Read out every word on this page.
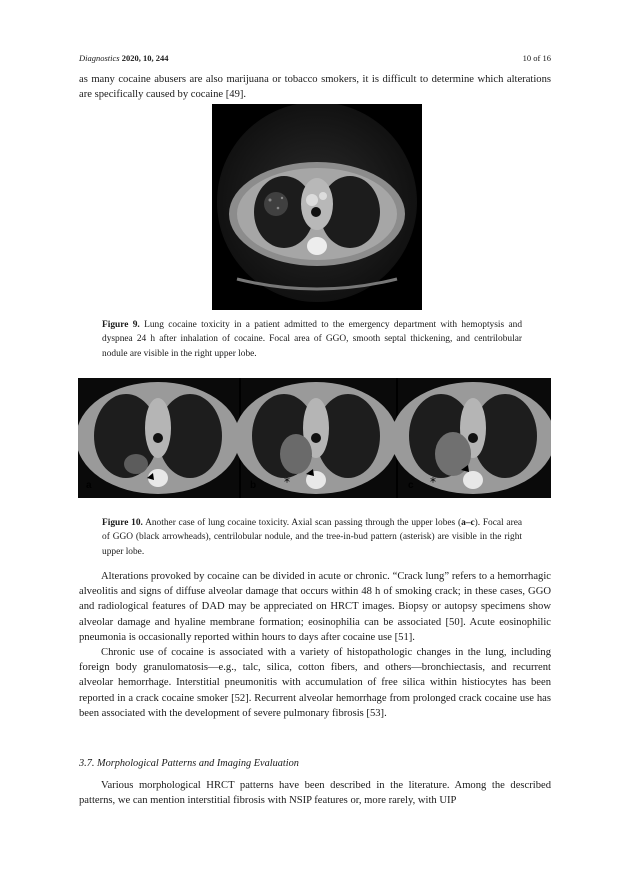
Diagnostics 2020, 10, 244	10 of 16

as many cocaine abusers are also marijuana or tobacco smokers, it is difficult to determine which alterations are specifically caused by cocaine [49].

Figure 9. Lung cocaine toxicity in a patient admitted to the emergency department with hemoptysis and dyspnea 24 h after inhalation of cocaine. Focal area of GGO, smooth septal thickening, and centrilobular nodule are visible in the right upper lobe.
*	*
a	b	c
Figure 10. Another case of lung cocaine toxicity. Axial scan passing through the upper lobes (a–c). Focal area of GGO (black arrowheads), centrilobular nodule, and the tree-in-bud pattern (asterisk) are visible in the right upper lobe.

Alterations provoked by cocaine can be divided in acute or chronic. “Crack lung” refers to a hemorrhagic alveolitis and signs of diffuse alveolar damage that occurs within 48 h of smoking crack; in these cases, GGO and radiological features of DAD may be appreciated on HRCT images. Biopsy or autopsy specimens show alveolar damage and hyaline membrane formation; eosinophilia can be associated [50]. Acute eosinophilic pneumonia is occasionally reported within hours to days after cocaine use [51].

Chronic use of cocaine is associated with a variety of histopathologic changes in the lung, including foreign body granulomatosis—e.g., talc, silica, cotton fibers, and others—bronchiectasis, and recurrent alveolar hemorrhage. Interstitial pneumonitis with accumulation of free silica within histiocytes has been reported in a crack cocaine smoker [52]. Recurrent alveolar hemorrhage from prolonged crack cocaine use has been associated with the development of severe pulmonary fibrosis [53].

3.7. Morphological Patterns and Imaging Evaluation

Various morphological HRCT patterns have been described in the literature. Among the described patterns, we can mention interstitial fibrosis with NSIP features or, more rarely, with UIP
